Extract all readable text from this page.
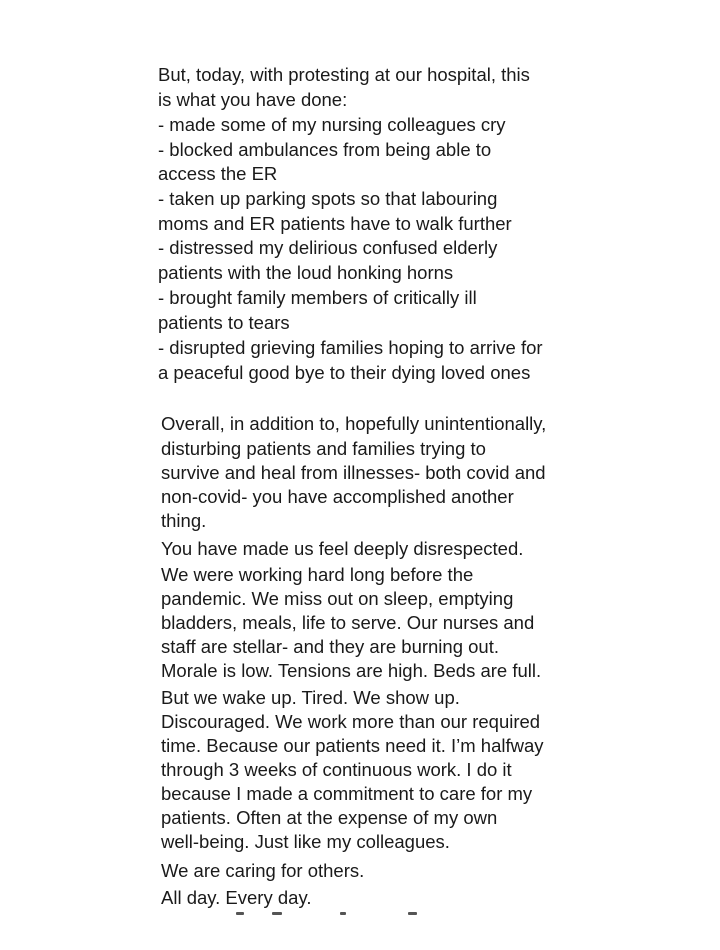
But, today, with protesting at our hospital, this
is what you have done:
- made some of my nursing colleagues cry
- blocked ambulances from being able to
access the ER
- taken up parking spots so that labouring
moms and ER patients have to walk further
- distressed my delirious confused elderly
patients with the loud honking horns
- brought family members of critically ill
patients to tears
- disrupted grieving families hoping to arrive for
a peaceful good bye to their dying loved ones
Overall, in addition to, hopefully unintentionally,
disturbing patients and families trying to
survive and heal from illnesses- both covid and
non-covid- you have accomplished another
thing.
You have made us feel deeply disrespected.
We were working hard long before the
pandemic. We miss out on sleep, emptying
bladders, meals, life to serve. Our nurses and
staff are stellar- and they are burning out.
Morale is low. Tensions are high. Beds are full.
But we wake up. Tired. We show up.
Discouraged. We work more than our required
time. Because our patients need it. I’m halfway
through 3 weeks of continuous work. I do it
because I made a commitment to care for my
patients. Often at the expense of my own
well-being. Just like my colleagues.
We are caring for others.
All day. Every day.
